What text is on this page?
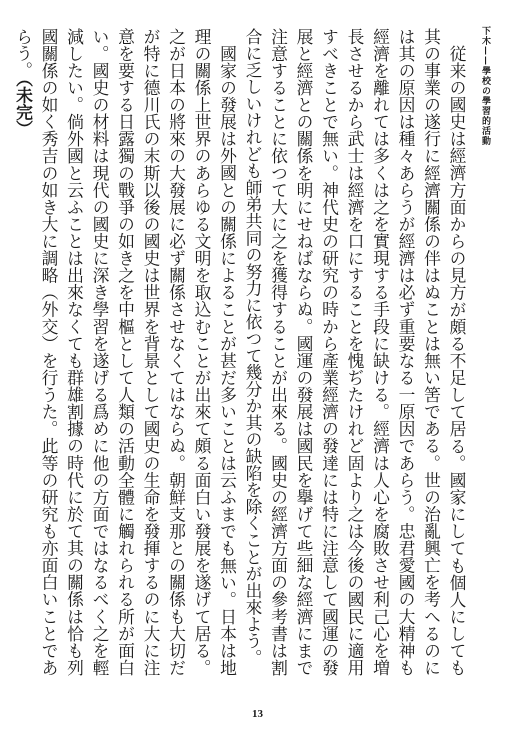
下木——學校の學習的活動

従来の國史は經濟方面からの見方が頗る不足して居る。國家にしても個人にしても其の事業の遂行に經濟關係の伴はぬことは無い筈である。世の治亂興亡を考へるのには其の原因は種々あらうが經濟は必ず重要なる一原因であらう。忠君愛國の大精神も經濟を離れては多くは之を實現する手段に缺ける。經濟は人心を腐敗させ利己心を増長させるから武士は經濟を口にすることを愧ぢたけれど固より之は今後の國民に適用すべきことで無い。神代史の研究の時から產業經濟の發達には特に注意して國運の發展と經濟との關係を明にせねばならぬ。國運の發展は國民を擧げて些細な經濟にまで注意することに依つて大に之を獲得することが出來る。國史の經濟方面の參考書は割合に乏しいけれども師弟共同の努力に依つて幾分か其の缺陷を除くことが出來よう。

國家の發展は外國との關係によることが甚だ多いことは云ふまでも無い。日本は地理の關係上世界のあらゆる文明を取込むことが出來て頗る面白い發展を遂げて居る。之が日本の將來の大發展に必ず關係させなくてはならぬ。朝鮮支那との關係も大切だが特に德川氏の末斯以後の國史は世界を背景として國史の生命を發揮するのに大に注意を要する日露獨の戰爭の如き之を中樞として人類の活動全體に觸れられる所が面白い。國史の材料は現代の國史に深き學習を遂げる爲めに他の方面ではなるべく之を輕減したい。倘外國と云ふことは出來なくても群雄割據の時代に於て其の關係は恰も列國關係の如く秀吉の如き大に調略（外交）を行うた。此等の研究も亦面白いことであらう。（未完）

13
